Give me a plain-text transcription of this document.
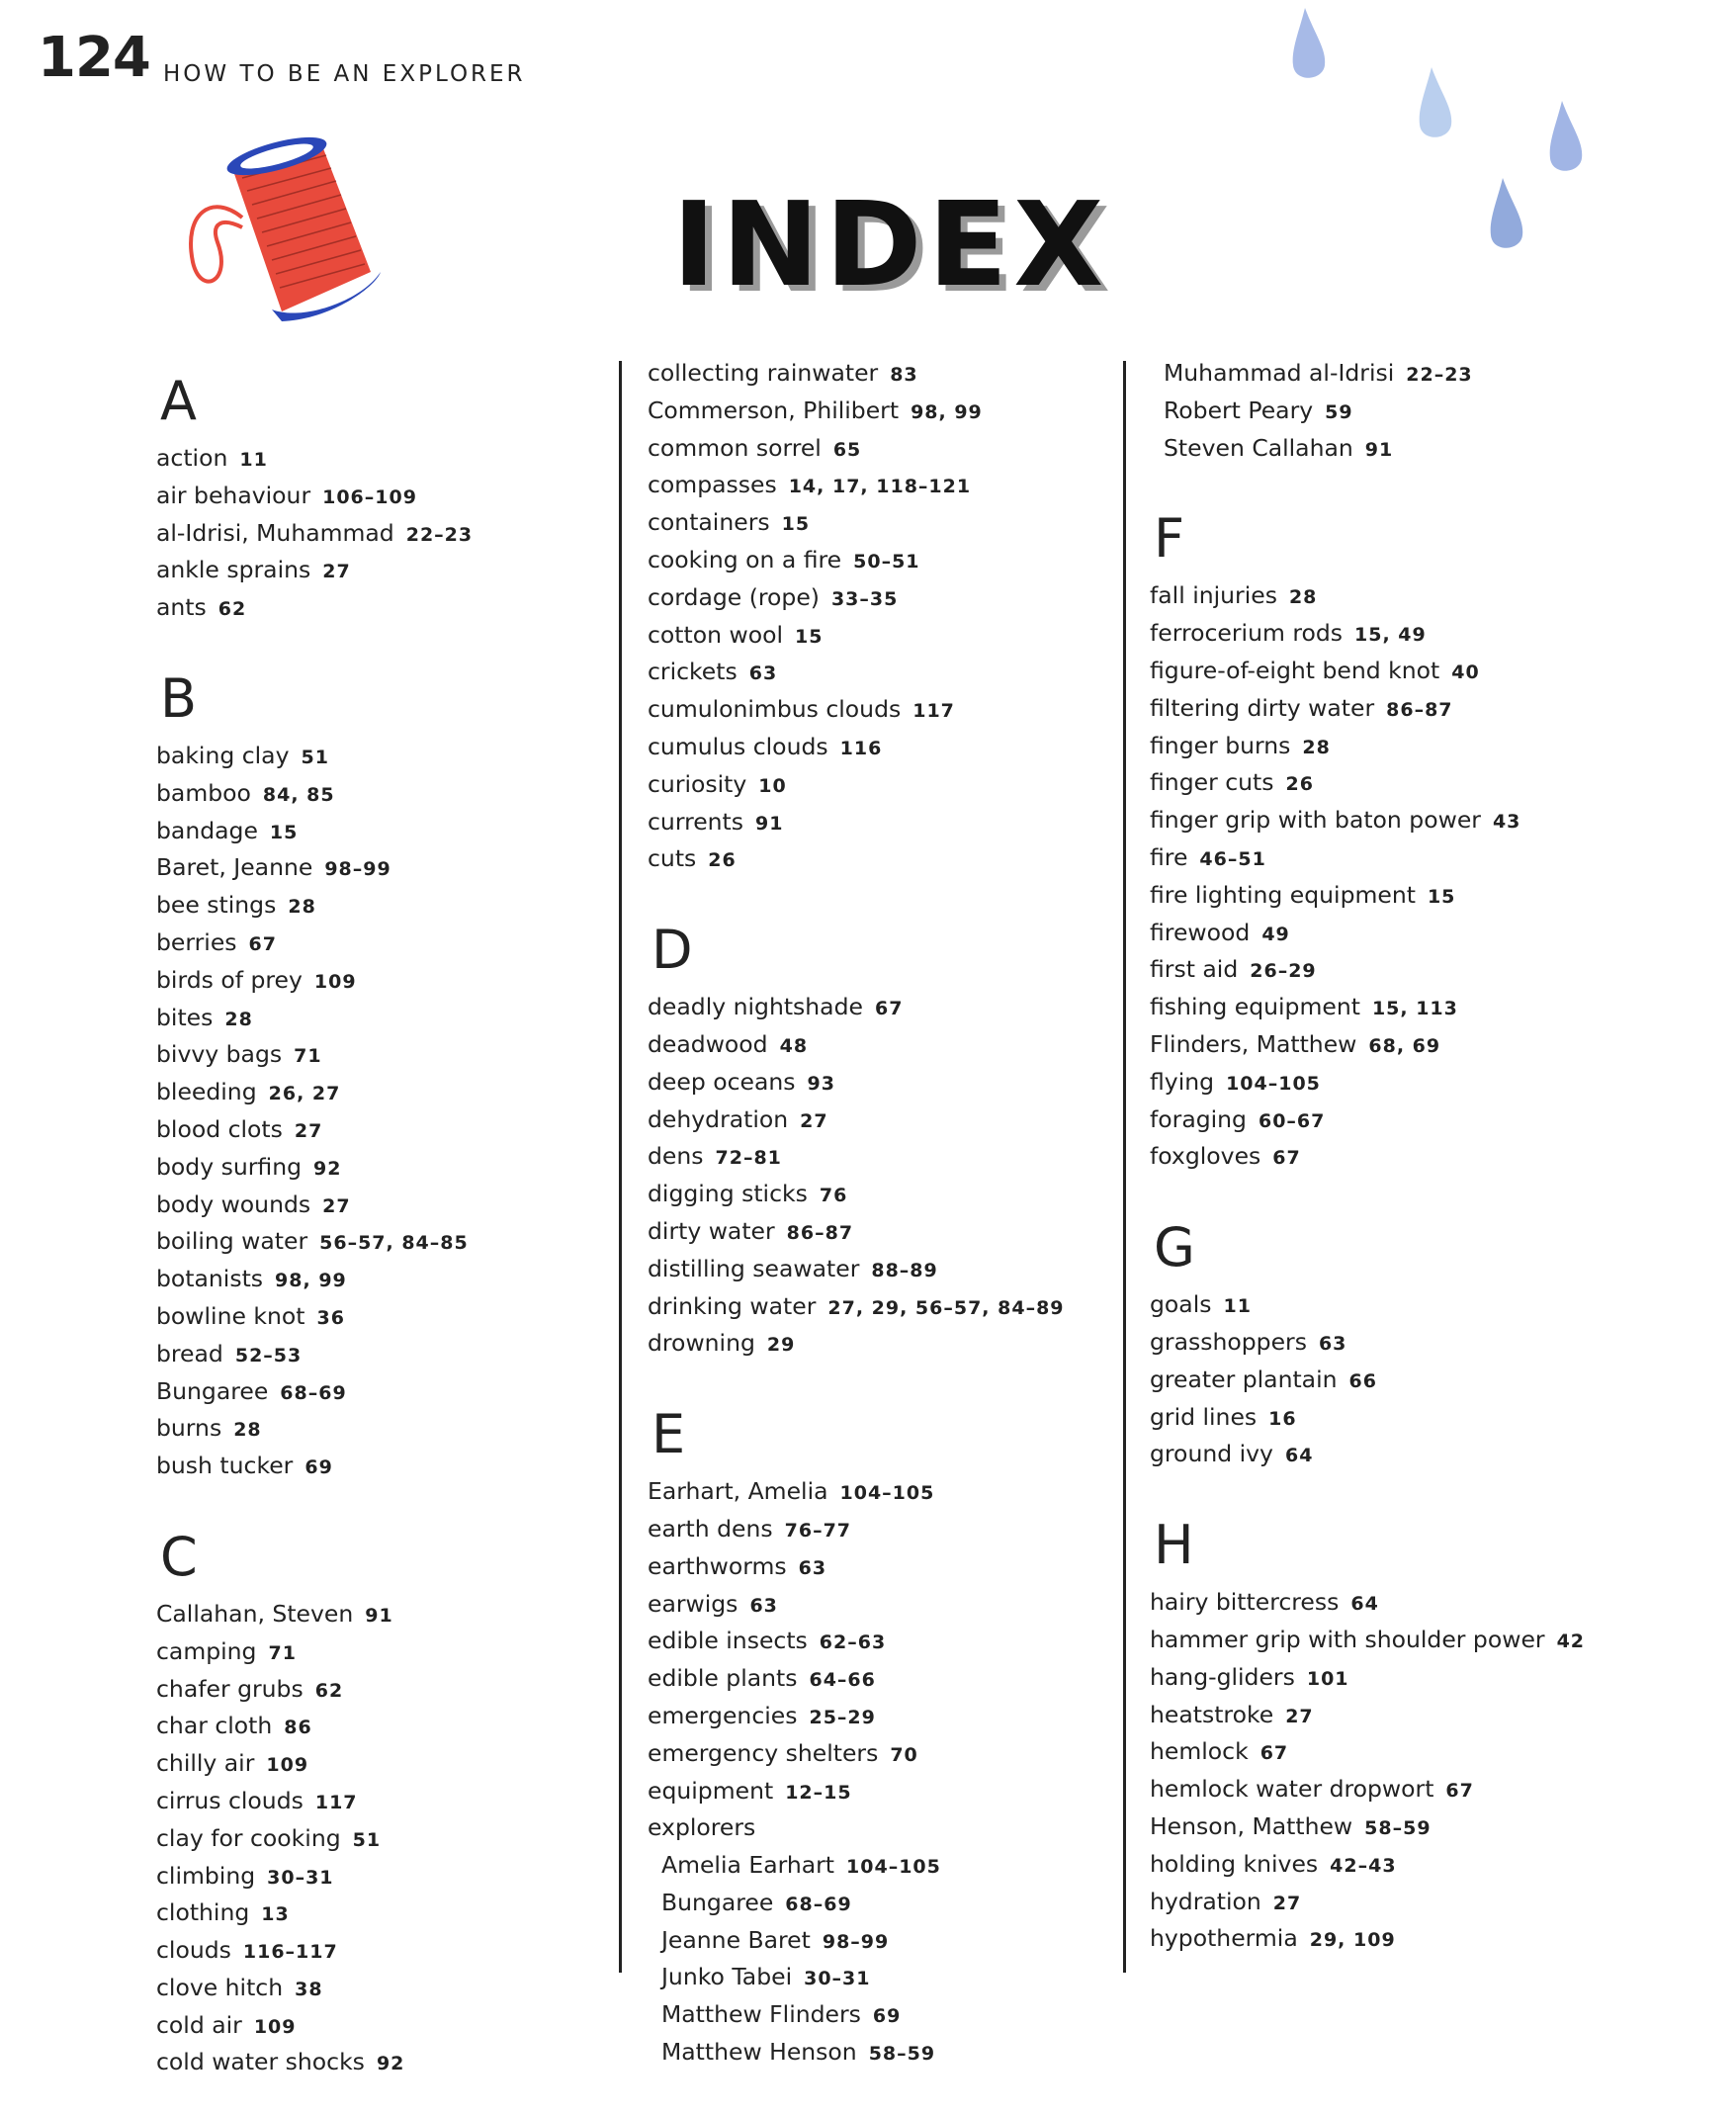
124 HOW TO BE AN EXPLORER
INDEX
A
action 11
air behaviour 106–109
al-Idrisi, Muhammad 22–23
ankle sprains 27
ants 62
B
baking clay 51
bamboo 84, 85
bandage 15
Baret, Jeanne 98–99
bee stings 28
berries 67
birds of prey 109
bites 28
bivvy bags 71
bleeding 26, 27
blood clots 27
body surfing 92
body wounds 27
boiling water 56–57, 84–85
botanists 98, 99
bowline knot 36
bread 52–53
Bungaree 68–69
burns 28
bush tucker 69
C
Callahan, Steven 91
camping 71
chafer grubs 62
char cloth 86
chilly air 109
cirrus clouds 117
clay for cooking 51
climbing 30–31
clothing 13
clouds 116–117
clove hitch 38
cold air 109
cold water shocks 92
collecting rainwater 83
Commerson, Philibert 98, 99
common sorrel 65
compasses 14, 17, 118–121
containers 15
cooking on a fire 50–51
cordage (rope) 33–35
cotton wool 15
crickets 63
cumulonimbus clouds 117
cumulus clouds 116
curiosity 10
currents 91
cuts 26
D
deadly nightshade 67
deadwood 48
deep oceans 93
dehydration 27
dens 72–81
digging sticks 76
dirty water 86–87
distilling seawater 88–89
drinking water 27, 29, 56–57, 84–89
drowning 29
E
Earhart, Amelia 104–105
earth dens 76–77
earthworms 63
earwigs 63
edible insects 62–63
edible plants 64–66
emergencies 25–29
emergency shelters 70
equipment 12–15
explorers
Amelia Earhart 104–105
Bungaree 68–69
Jeanne Baret 98–99
Junko Tabei 30–31
Matthew Flinders 69
Matthew Henson 58–59
Muhammad al-Idrisi 22–23
Robert Peary 59
Steven Callahan 91
F
fall injuries 28
ferrocerium rods 15, 49
figure-of-eight bend knot 40
filtering dirty water 86–87
finger burns 28
finger cuts 26
finger grip with baton power 43
fire 46–51
fire lighting equipment 15
firewood 49
first aid 26–29
fishing equipment 15, 113
Flinders, Matthew 68, 69
flying 104–105
foraging 60–67
foxgloves 67
G
goals 11
grasshoppers 63
greater plantain 66
grid lines 16
ground ivy 64
H
hairy bittercress 64
hammer grip with shoulder power 42
hang-gliders 101
heatstroke 27
hemlock 67
hemlock water dropwort 67
Henson, Matthew 58–59
holding knives 42–43
hydration 27
hypothermia 29, 109
